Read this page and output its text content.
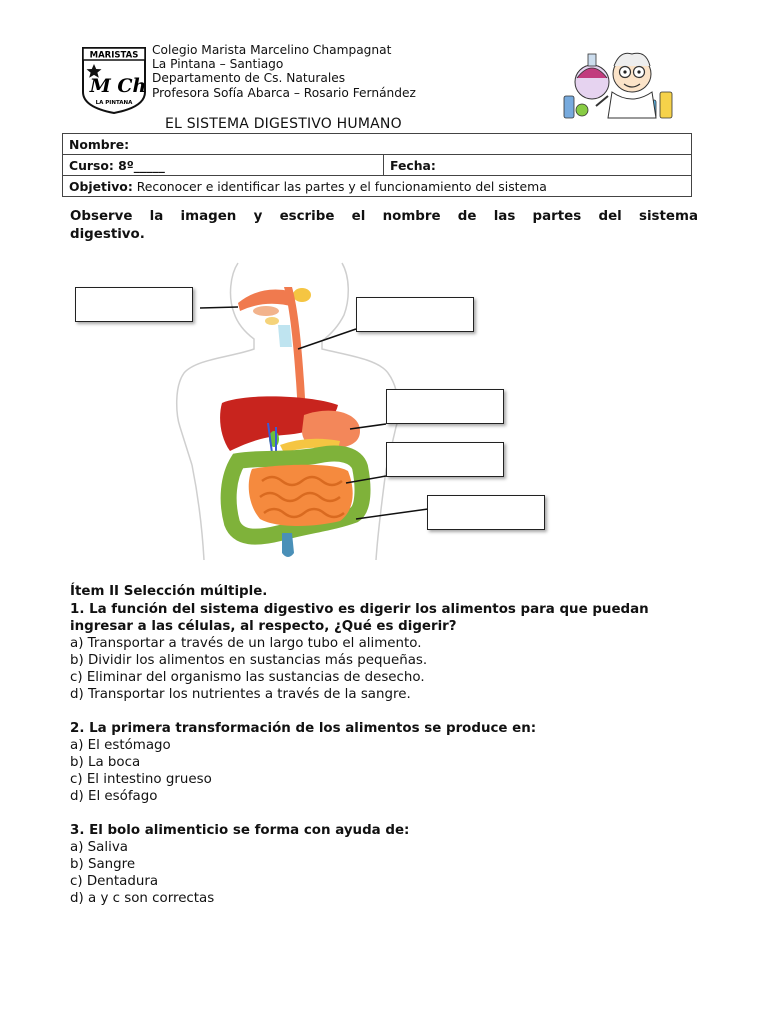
MARISTAS
M Ch
LA PINTANA
Colegio Marista Marcelino Champagnat
La Pintana – Santiago
Departamento de Cs. Naturales
Profesora Sofía Abarca – Rosario Fernández
EL SISTEMA DIGESTIVO HUMANO
Nombre:
Curso: 8º_____	Fecha:
Objetivo: Reconocer e identificar las partes y el funcionamiento del sistema
Observe la imagen y escribe el nombre de las partes del sistema digestivo.
Ítem II Selección múltiple.
1. La función del sistema digestivo es digerir los alimentos para que puedan ingresar a las células, al respecto, ¿Qué es digerir?
a) Transportar a través de un largo tubo el alimento.
b) Dividir los alimentos en sustancias más pequeñas.
c) Eliminar del organismo las sustancias de desecho.
d) Transportar los nutrientes a través de la sangre.
2. La primera transformación de los alimentos se produce en:
a) El estómago
b) La boca
c) El intestino grueso
d) El esófago
3. El bolo alimenticio se forma con ayuda de:
a) Saliva
b) Sangre
c) Dentadura
d) a y c son correctas
